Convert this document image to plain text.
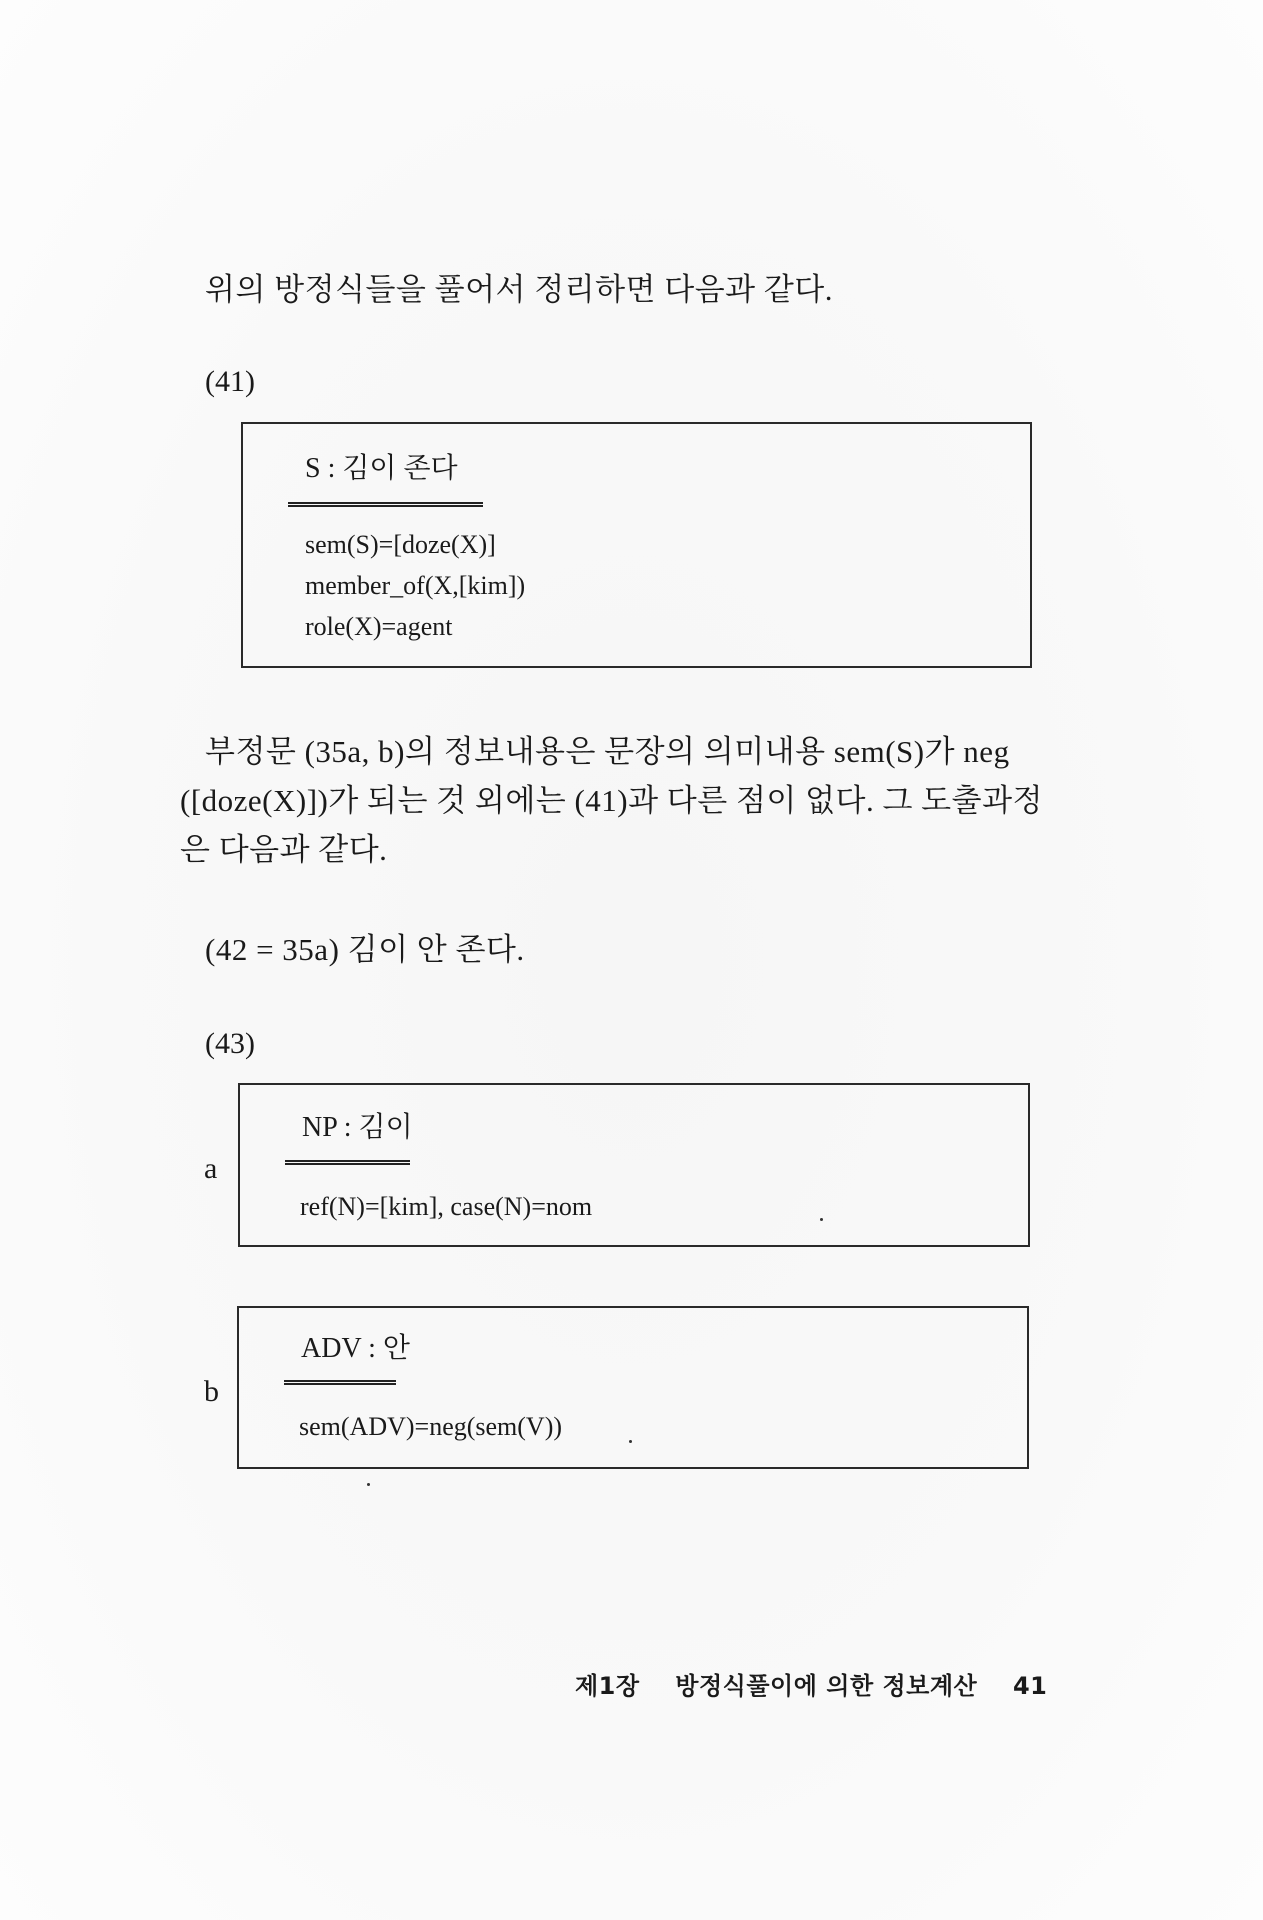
위의 방정식들을 풀어서 정리하면 다음과 같다.
(41)
S : 김이 존다
sem(S)=[doze(X)]
member_of(X,[kim])
role(X)=agent
부정문 (35a, b)의 정보내용은 문장의 의미내용 sem(S)가 neg
([doze(X)])가 되는 것 외에는 (41)과 다른 점이 없다. 그 도출과정
은 다음과 같다.
(42 = 35a) 김이 안 존다.
(43)
a
NP : 김이
ref(N)=[kim], case(N)=nom
b
ADV : 안
sem(ADV)=neg(sem(V))
제1장 방정식풀이에 의한 정보계산 41
